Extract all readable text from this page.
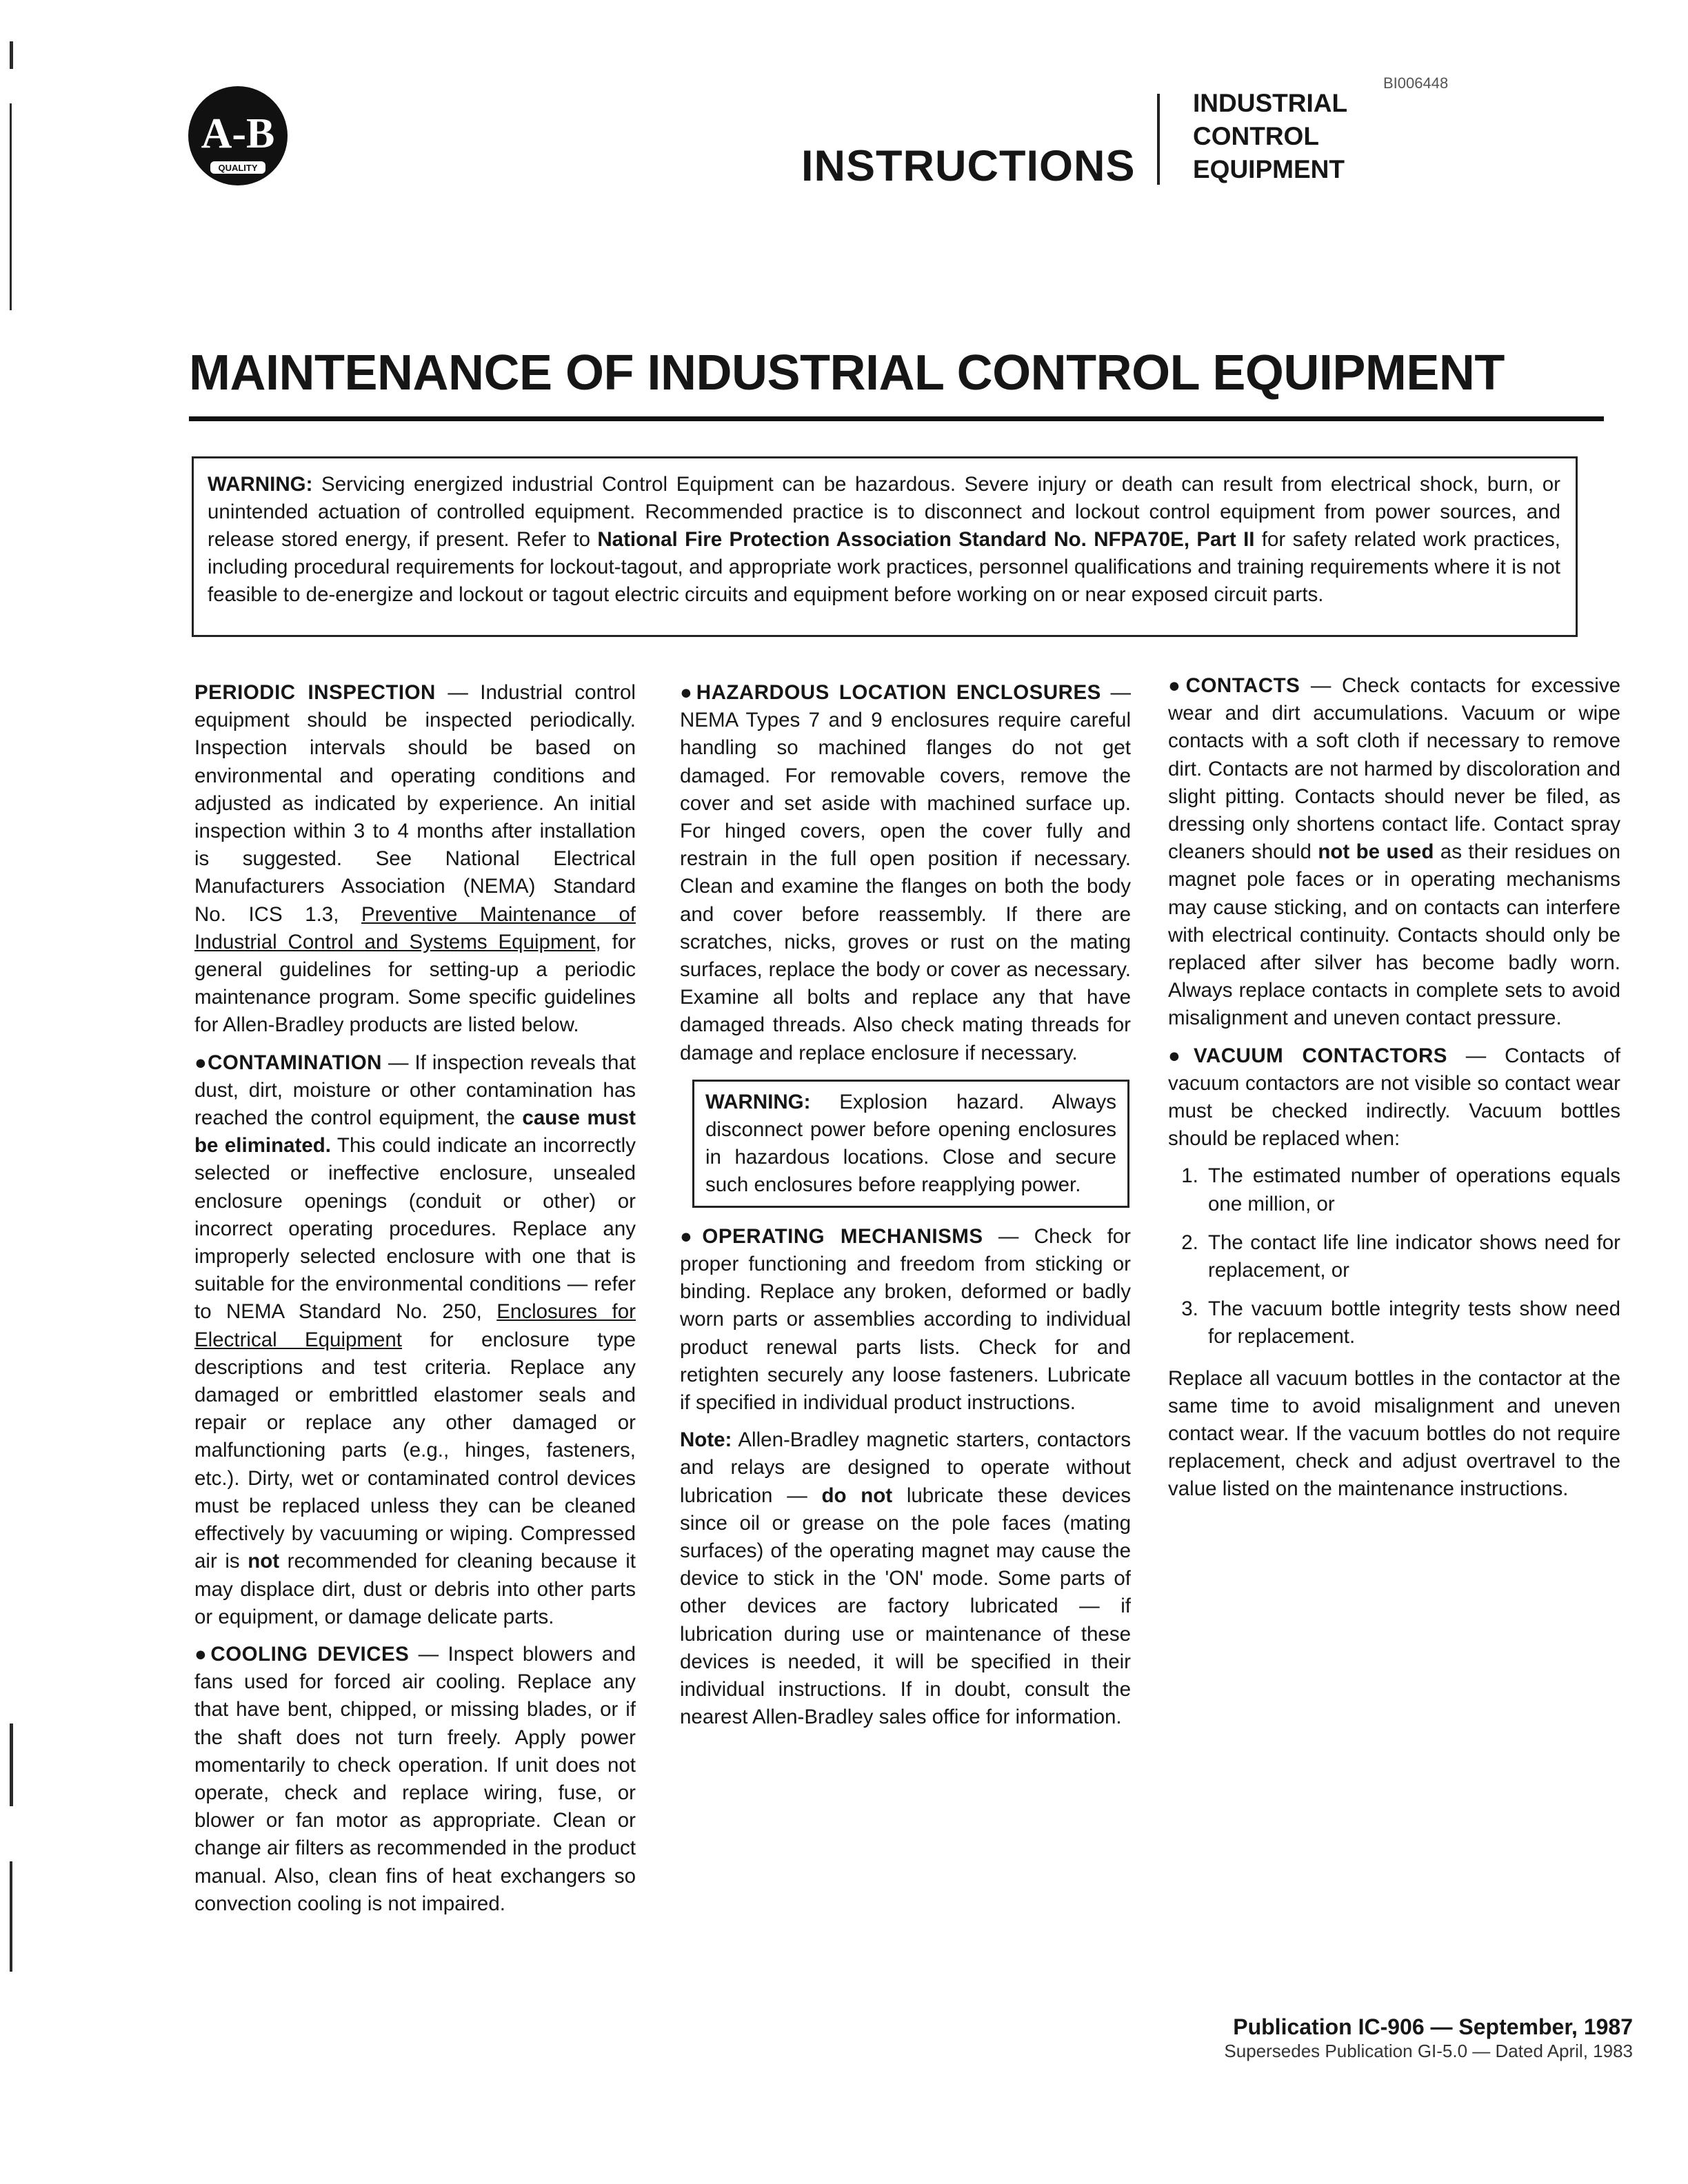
A-B
QUALITY	INSTRUCTIONS
INDUSTRIAL
CONTROL
EQUIPMENT
BI006448
MAINTENANCE OF INDUSTRIAL CONTROL EQUIPMENT
WARNING: Servicing energized industrial Control Equipment can be hazardous. Severe injury or death can result from electrical shock, burn, or unintended actuation of controlled equipment. Recommended practice is to disconnect and lockout control equipment from power sources, and release stored energy, if present. Refer to National Fire Protection Association Standard No. NFPA70E, Part II for safety related work practices, including procedural requirements for lockout-tagout, and appropriate work practices, personnel qualifications and training requirements where it is not feasible to de-energize and lockout or tagout electric circuits and equipment before working on or near exposed circuit parts.

PERIODIC INSPECTION — Industrial control equipment should be inspected periodically. Inspection intervals should be based on environmental and operating conditions and adjusted as indicated by experience. An initial inspection within 3 to 4 months after installation is suggested. See National Electrical Manufacturers Association (NEMA) Standard No. ICS 1.3, Preventive Maintenance of Industrial Control and Systems Equipment, for general guidelines for setting-up a periodic maintenance program. Some specific guidelines for Allen-Bradley products are listed below.

●CONTAMINATION — If inspection reveals that dust, dirt, moisture or other contamination has reached the control equipment, the cause must be eliminated. This could indicate an incorrectly selected or ineffective enclosure, unsealed enclosure openings (conduit or other) or incorrect operating procedures. Replace any improperly selected enclosure with one that is suitable for the environmental conditions — refer to NEMA Standard No. 250, Enclosures for Electrical Equipment for enclosure type descriptions and test criteria. Replace any damaged or embrittled elastomer seals and repair or replace any other damaged or malfunctioning parts (e.g., hinges, fasteners, etc.). Dirty, wet or contaminated control devices must be replaced unless they can be cleaned effectively by vacuuming or wiping. Compressed air is not recommended for cleaning because it may displace dirt, dust or debris into other parts or equipment, or damage delicate parts.

●COOLING DEVICES — Inspect blowers and fans used for forced air cooling. Replace any that have bent, chipped, or missing blades, or if the shaft does not turn freely. Apply power momentarily to check operation. If unit does not operate, check and replace wiring, fuse, or blower or fan motor as appropriate. Clean or change air filters as recommended in the product manual. Also, clean fins of heat exchangers so convection cooling is not impaired.

●HAZARDOUS LOCATION ENCLOSURES — NEMA Types 7 and 9 enclosures require careful handling so machined flanges do not get damaged. For removable covers, remove the cover and set aside with machined surface up. For hinged covers, open the cover fully and restrain in the full open position if necessary. Clean and examine the flanges on both the body and cover before reassembly. If there are scratches, nicks, groves or rust on the mating surfaces, replace the body or cover as necessary. Examine all bolts and replace any that have damaged threads. Also check mating threads for damage and replace enclosure if necessary.

WARNING: Explosion hazard. Always disconnect power before opening enclosures in hazardous locations. Close and secure such enclosures before reapplying power.

●OPERATING MECHANISMS — Check for proper functioning and freedom from sticking or binding. Replace any broken, deformed or badly worn parts or assemblies according to individual product renewal parts lists. Check for and retighten securely any loose fasteners. Lubricate if specified in individual product instructions.

Note: Allen-Bradley magnetic starters, contactors and relays are designed to operate without lubrication — do not lubricate these devices since oil or grease on the pole faces (mating surfaces) of the operating magnet may cause the device to stick in the 'ON' mode. Some parts of other devices are factory lubricated — if lubrication during use or maintenance of these devices is needed, it will be specified in their individual instructions. If in doubt, consult the nearest Allen-Bradley sales office for information.

●CONTACTS — Check contacts for excessive wear and dirt accumulations. Vacuum or wipe contacts with a soft cloth if necessary to remove dirt. Contacts are not harmed by discoloration and slight pitting. Contacts should never be filed, as dressing only shortens contact life. Contact spray cleaners should not be used as their residues on magnet pole faces or in operating mechanisms may cause sticking, and on contacts can interfere with electrical continuity. Contacts should only be replaced after silver has become badly worn. Always replace contacts in complete sets to avoid misalignment and uneven contact pressure.

●VACUUM CONTACTORS — Contacts of vacuum contactors are not visible so contact wear must be checked indirectly. Vacuum bottles should be replaced when:

1. The estimated number of operations equals one million, or
2. The contact life line indicator shows need for replacement, or
3. The vacuum bottle integrity tests show need for replacement.

Replace all vacuum bottles in the contactor at the same time to avoid misalignment and uneven contact wear. If the vacuum bottles do not require replacement, check and adjust overtravel to the value listed on the maintenance instructions.

Publication IC-906 — September, 1987
Supersedes Publication GI-5.0 — Dated April, 1983
